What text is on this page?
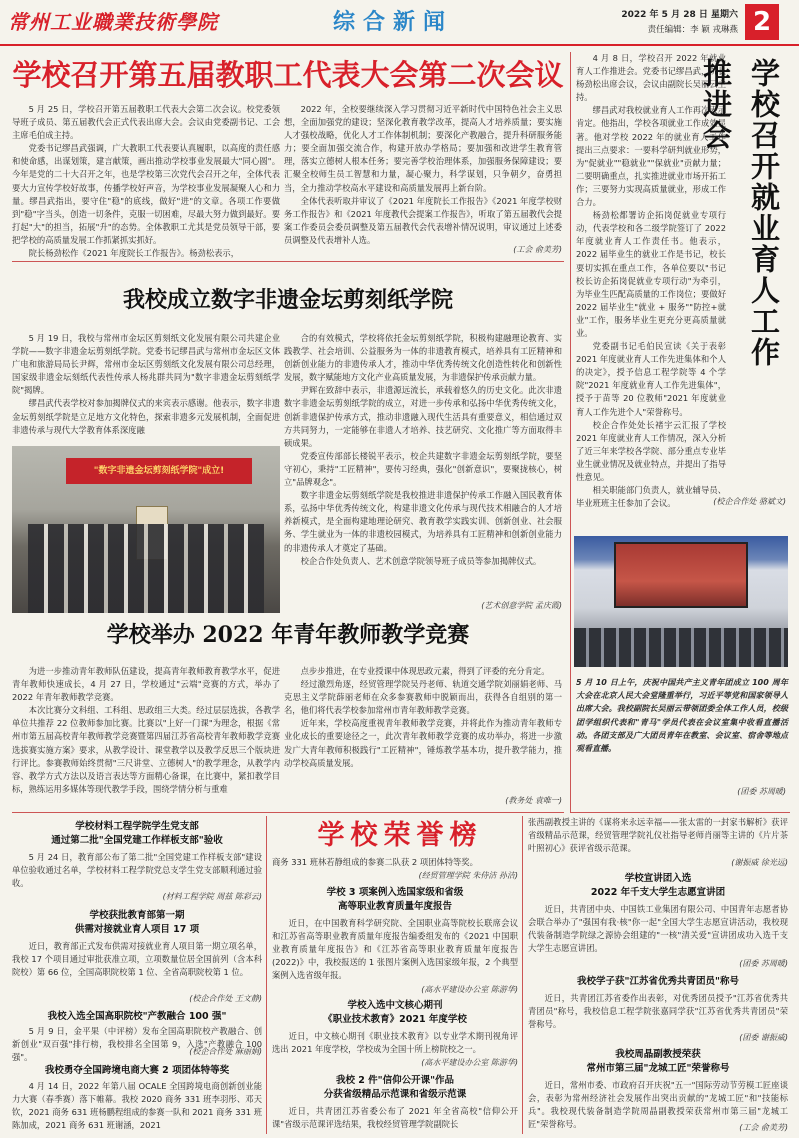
常州工业職業技術學院	综合新闻	2022 年 5 月 28 日 星期六
责任编辑：李 颖 戎琳燕 2
学校召开第五届教职工代表大会第二次会议

5 月 25 日，学校召开第五届教职工代表大会第二次会议。校党委领导班子成员、第五届教代会正式代表出席大会。会议由党委副书记、工会主席毛伯成主持。

党委书记缪昌武强调，广大教职工代表要认真履职，以高度的责任感和使命感，出谋划策，建言献策，画出推动学校事业发展最大"同心圆"。今年是党的二十大召开之年，也是学校第三次党代会召开之年，全体代表要大力宣传学校好故事，传播学校好声音，为学校事业发展凝聚人心和力量。缪昌武指出，要守住"稳"的底线，做好"进"的文章。各项工作要做到"稳"字当头，创造一切条件，克服一切困难，尽最大努力做到最好。要打起"大"的担当，拓展"升"的态势。全体教职工尤其是党员领导干部，要把学校的高质量发展工作抓紧抓实抓好。

院长杨劲松作《2021 年度院长工作报告》。杨劲松表示，

2022 年，全校要继续深入学习贯彻习近平新时代中国特色社会主义思想，全面加强党的建设；坚深化教育教学改革，提高人才培养质量；要实施人才强校战略，优化人才工作体制机制；要深化产教融合，提升科研服务能力；要全面加强交流合作，构建开放办学格局；要加强和改进学生教育管理，落实立德树人根本任务；要完善学校治理体系，加强服务保障建设；要汇聚全校师生员工智慧和力量，凝心聚力，科学谋划，只争朝夕，奋勇担当，全力推动学校高水平建设和高质量发展再上新台阶。

全体代表听取并审议了《2021 年度院长工作报告》《2021 年度学校财务工作报告》和《2021 年度教代会提案工作报告》，听取了第五届教代会提案工作委员会委员调整及第五届教代会代表增补情况说明，审议通过上述委员调整及代表增补人选。

(工会 俞美芳)
我校成立数字非遗金坛剪刻纸学院

5 月 19 日，我校与常州市金坛区剪刻纸文化发展有限公司共建企业学院——数字非遗金坛剪刻纸学院。党委书记缪昌武与常州市金坛区文体广电和旅游局局长尹辉，常州市金坛区剪刻纸文化发展有限公司总经理，国家级非遗金坛刻纸代表性传承人杨兆群共同为"数字非遗金坛剪刻纸学院"揭牌。

缪昌武代表学校对参加揭牌仪式的来宾表示感谢。他表示，数字非遗金坛剪刻纸学院是立足地方文化特色，探索非遗多元发展机制，全面促进非遗传承与现代大学教育体系深度融

"数字非遗金坛剪刻纸学院"成立!

合的有效模式，学校将依托金坛剪刻纸学院，积极构建融理论教育、实践教学、社会培训、公益服务为一体的非遗教育模式，培养具有工匠精神和创新创业能力的非遗传承人才，推动中华优秀传统文化创造性转化和创新性发展，数字赋能地方文化产业高质量发展，为非遗保护传承贡献力量。

尹辉在致辞中表示，非遗源远流长，承载着悠久的历史文化。此次非遗数字非遗金坛剪刻纸学院的成立，对进一步传承和弘扬中华优秀传统文化，创新非遗保护传承方式，推动非遗融入现代生活具有重要意义，相信通过双方共同努力，一定能够在非遗人才培养、技艺研究、文化推广等方面取得丰硕成果。

党委宣传部部长楼锐平表示，校企共建数字非遗金坛剪刻纸学院，要坚守初心，秉持"工匠精神"，要传习经典，强化"创新意识"，要聚拢核心，树立"品牌观念"。

数字非遗金坛剪刻纸学院是我校推进非遗保护传承工作融入国民教育体系，弘扬中华优秀传统文化，构建非遗文化传承与现代技术相融合的人才培养新模式，是全面构建地理论研究、教育教学实践实训、创新创业、社会服务、学生就业为一体的非遗校园模式，为培养具有工匠精神和创新创业能力的非遗传承人才奠定了基础。

校企合作处负责人、艺术创意学院领导班子成员等参加揭牌仪式。

(艺术创意学院 孟庆霞)
学校举办 2022 年青年教师教学竞赛

为进一步推动青年教师队伍建设，提高青年教师教育教学水平，促进青年教师快速成长，4 月 27 日，学校通过"云端"竞赛的方式，举办了 2022 年青年教师教学竞赛。

本次比赛分文科组、工科组、思政组三大类。经过层层选拔，各教学单位共推荐 22 位教师参加比赛。比赛以"上好一门课"为理念，根据《常州市第五届高校青年教师教学竞赛暨第四届江苏省高校青年教师教学竞赛选拔赛实施方案》要求，从教学设计、课堂教学以及教学反思三个版块进行评比。参赛教师始终贯彻"三尺讲堂、立德树人"的教学理念，从教学内容、教学方式方法以及语言表达等方面精心备课，在比赛中，紧扣教学目标，熟练运用多媒体等现代教学手段，围绕学情分析与重难

点步步推进，在专业授课中体现思政元素，得到了评委的充分肯定。

经过激烈角逐，经贸管理学院吴丹老师、轨道交通学院刘丽娟老师、马克思主义学院薛丽老师在众多参赛教师中脱颖而出，获得各自组别的第一名，他们将代表学校参加常州市青年教师教学竞赛。

近年来，学校高度重视青年教师教学竞赛，并将此作为推动青年教师专业化成长的重要途径之一，此次青年教师教学竞赛的成功举办，将进一步激发广大青年教师积极践行"工匠精神"，锤炼教学基本功，提升教学能力，推动学校高质量发展。

(教务处 袁唯一)

4 月 8 日，学校召开 2022 年就业育人工作推进会。党委书记缪昌武，院长杨劲松出席会议，会议由副院长吴丽云主持。

缪昌武对我校就业育人工作再次表示肯定。他指出，学校各项就业工作成效显著。他对学校 2022 年的就业育人工作提出三点要求：一要科学研判就业形势，为"促就业""稳就业""保就业"贡献力量；二要明确重点，扎实推进就业市场开拓工作；三要努力实现高质量就业，形成工作合力。

杨劲松都署访企拓岗促就业专项行动，代表学校和各二级学院签订了 2022 年度就业育人工作责任书。他表示，2022 届毕业生的就业工作是书记，校长要切实抓在重点工作，各单位要以"书记校长访企拓岗促就业专项行动"为牵引，为毕业生匹配高质量的工作岗位；要做好 2022 届毕业生"就业 + 服务""防控+就业"工作，服务毕业生更充分更高质量就业。

党委副书记毛伯民宣读《关于表彰 2021 年度就业育人工作先进集体和个人的决定》，授予信息工程学院等 4 个学院"2021 年度就业育人工作先进集体"，授予于苗等 20 位教师"2021 年度就业育人工作先进个人"荣誉称号。

校企合作处处长褚宇云汇报了学校 2021 年度就业育人工作情况，深入分析了近三年来学校各学院、部分重点专业毕业生就业情况及就业特点，并提出了指导性意见。

相关职能部门负责人，就业辅导员、毕业班班主任参加了会议。

学校召开就业育人工作推进会
(校企合作处 骆斌文)
5 月 10 日上午，庆祝中国共产主义青年团成立 100 周年大会在北京人民大会堂隆重举行，习近平等党和国家领导人出席大会。我校副院长吴丽云带领团委全体工作人员，校级团学组织代表和"青马"学员代表在会议室集中收看直播活动。各团支部及广大团员青年在教室、会议室、宿舍等地点观看直播。
(团委 苏周暖)
学校材料工程学院学生党支部
通过第二批"全国党建工作样板支部"验收

5 月 24 日，教育部公布了第二批"全国党建工作样板支部"建设单位验收通过名单，学校材料工程学院党总支学生党支部顺利通过验收。

(材料工程学院 周兹 陈彩云)
学校获批教育部第一期
供需对接就业育人项目 17 项

近日，教育部正式发布供需对接就业育人项目第一期立项名单，我校 17 个项目通过审批获准立项，立项数量位居全国前列（含本科院校）第 66 位，全国高职院校第 1 位、全省高职院校第 1 位。

(校企合作处 王文静)
我校入选全国高职院校"产教融合 100 强"

5 月 9 日，金平果（中评榜）发布全国高职院校产教融合、创新创业"双百强"排行榜，我校排名全国第 9，入选"产教融合 100 强"。

(校企合作处 麻丽娟)
我校勇夺全国跨境电商大赛 2 项团体特等奖

4 月 14 日，2022 年第八届 OCALE 全国跨境电商创新创业能力大赛（春季赛）落下帷幕。我校 2020 商务 331 班李羽彤、邓天钦，2021 商务 631 班杨鹏程组成的参赛一队和 2021 商务 331 班陈加成，2021 商务 631 班谢涵，2021

学校荣誉榜
商务 331 班林若静组成的参赛二队获 2 项团体特等奖。
(经贸管理学院 朱侍洁 孙洁)
学校 3 项案例入选国家级和省级
高等职业教育质量年度报告

近日，在中国教育科学研究院、全国职业高等院校长联席会议和江苏省高等职业教育质量年度报告编委组发布的《2021 中国职业教育质量年度报告》和《江苏省高等职业教育质量年度报告(2022)》中，我校报送的 1 张图片案例入选国家级年报，2 个典型案例入选省级年报。

(高水平建设办公室 陈游华)
学校入选中文核心期刊
《职业技术教育》2021 年度学校

近日，中文核心期刊《职业技术教育》以专业学术期刊视角评选出 2021 年度学校，学校成为全国十所上榜院校之一。

(高水平建设办公室 陈游华)
我校 2 件"信仰公开课"作品
分获省级精品示范课和省级示范课

近日，共青团江苏省委公布了 2021 年全省高校"信仰公开课"省级示范课评选结果，我校经贸管理学院副院长

张茜副教授主讲的《谋将来永远幸福——张太雷的一封家书解析》获评省级精品示范课，经贸管理学院礼仪社指导老师肖丽等主讲的《片片茶叶照初心》获评省级示范课。
(谢振威 徐光远)
学校宣讲团入选
2022 年千支大学生志愿宣讲团

近日，共青团中央、中国铁工业集团有限公司、中国青年志愿者协会联合举办了"强国有我·核"你一起"全国大学生志愿宣讲活动，我校现代装备制造学院绿之源协会组建的"一核"清关爱"宣讲团成功入选千支大学生志愿宣讲团。

(团委 苏周暖)
我校学子获"江苏省优秀共青团员"称号

近日，共青团江苏省委作出表彰，对优秀团员授予"江苏省优秀共青团员"称号，我校信息工程学院张嘉同学获"江苏省优秀共青团员"荣誉称号。

(团委 谢振威)
我校周晶副教授荣获
常州市第三届"龙城工匠"荣誉称号

近日，常州市委、市政府召开庆祝"五一"国际劳动节劳模工匠座谈会，表彰为常州经济社会发展作出突出贡献的"龙城工匠"和"技能标兵"。我校现代装备制造学院周晶副教授荣获常州市第三届"龙城工匠"荣誉称号。	(工会 俞美芳)
